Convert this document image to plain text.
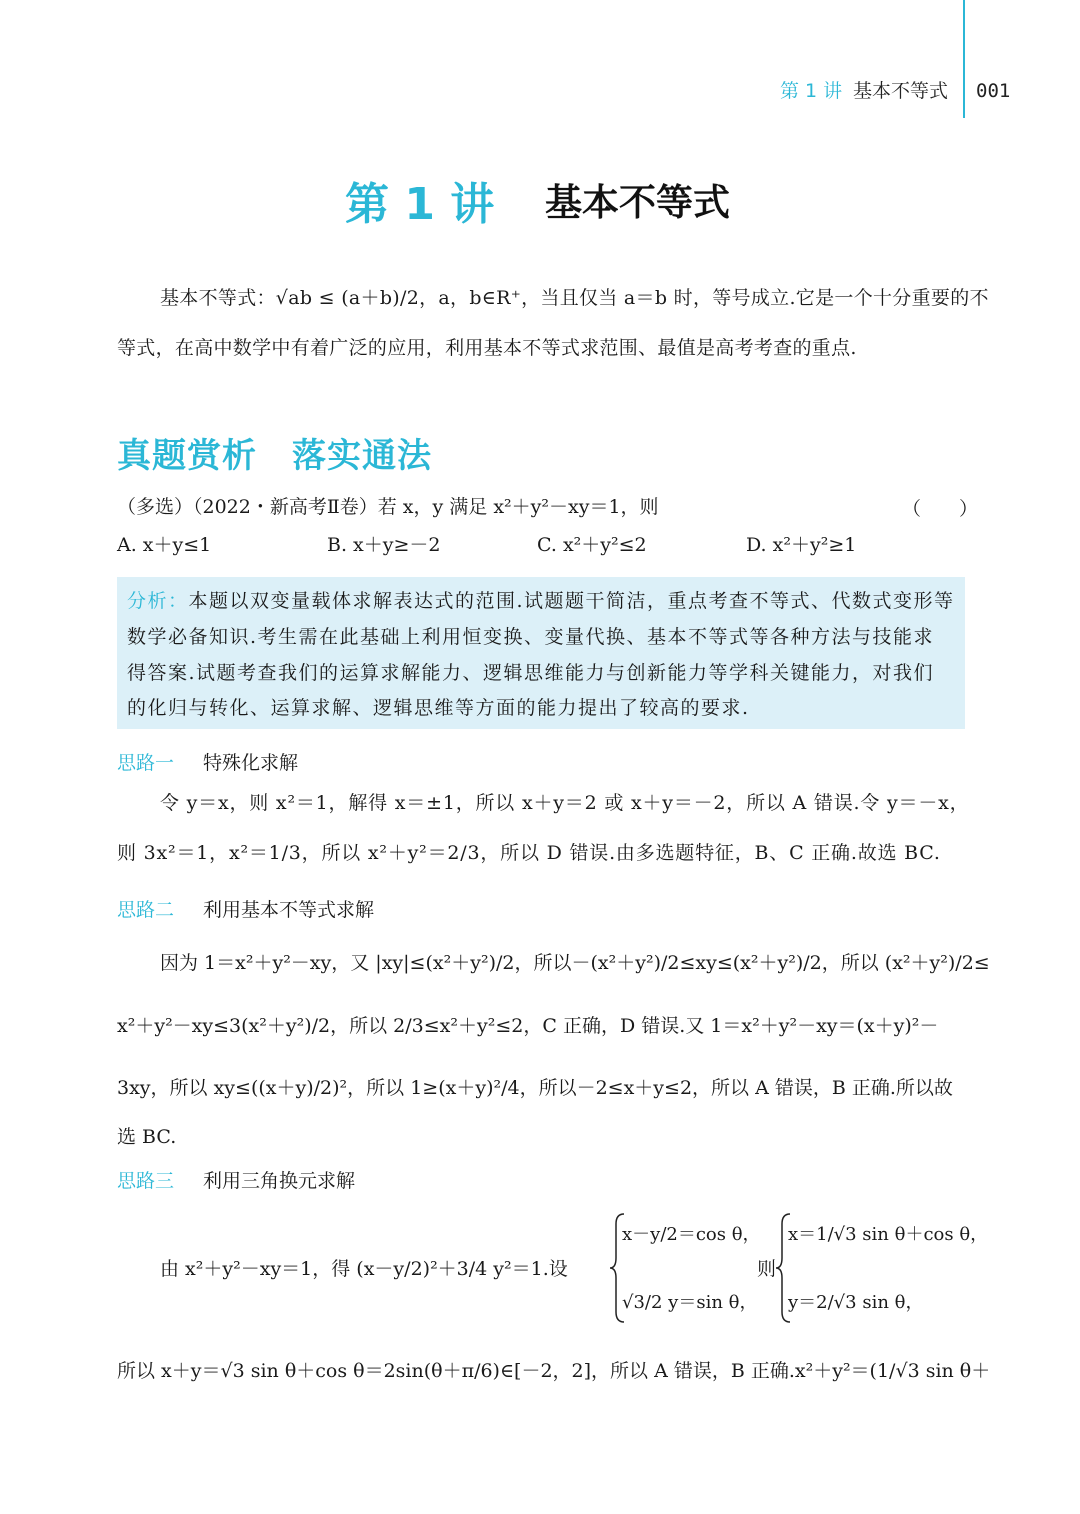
第 1 讲 基本不等式 001
第 1 讲 基本不等式
基本不等式：√ab ≤ (a＋b)/2，a，b∈R⁺，当且仅当 a＝b 时，等号成立.它是一个十分重要的不
等式，在高中数学中有着广泛的应用，利用基本不等式求范围、最值是高考考查的重点.
真题赏析　落实通法
（多选）（2022・新高考Ⅱ卷）若 x，y 满足 x²＋y²－xy＝1，则	（　　）
A. x＋y≤1	B. x＋y≥－2	C. x²＋y²≤2	D. x²＋y²≥1
分析：本题以双变量载体求解表达式的范围.试题题干简洁，重点考查不等式、代数式变形等
数学必备知识.考生需在此基础上利用恒变换、变量代换、基本不等式等各种方法与技能求
得答案.试题考查我们的运算求解能力、逻辑思维能力与创新能力等学科关键能力，对我们
的化归与转化、运算求解、逻辑思维等方面的能力提出了较高的要求.
思路一 特殊化求解
令 y＝x，则 x²＝1，解得 x＝±1，所以 x＋y＝2 或 x＋y＝－2，所以 A 错误.令 y＝－x，
则 3x²＝1，x²＝1/3，所以 x²＋y²＝2/3，所以 D 错误.由多选题特征，B、C 正确.故选 BC.
思路二 利用基本不等式求解
因为 1＝x²＋y²－xy，又 |xy|≤(x²＋y²)/2，所以－(x²＋y²)/2≤xy≤(x²＋y²)/2，所以 (x²＋y²)/2≤
x²＋y²－xy≤3(x²＋y²)/2，所以 2/3≤x²＋y²≤2，C 正确，D 错误.又 1＝x²＋y²－xy＝(x＋y)²－
3xy，所以 xy≤((x＋y)/2)²，所以 1≥(x＋y)²/4，所以－2≤x＋y≤2，所以 A 错误，B 正确.所以故
选 BC.
思路三 利用三角换元求解
由 x²＋y²－xy＝1，得 (x－y/2)²＋3/4 y²＝1.设
x－y/2＝cos θ，
√3/2 y＝sin θ，
则
x＝1/√3 sin θ＋cos θ，
y＝2/√3 sin θ，
所以 x＋y＝√3 sin θ＋cos θ＝2sin(θ＋π/6)∈[－2，2]，所以 A 错误，B 正确.x²＋y²＝(1/√3 sin θ＋
